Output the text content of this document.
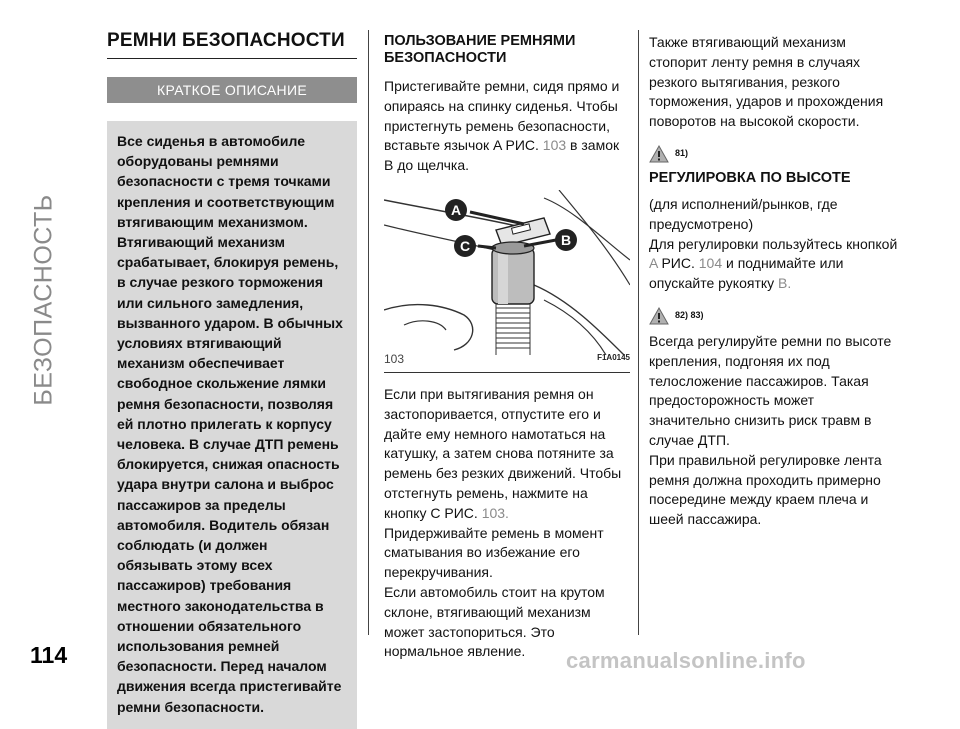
БЕЗОПАСНОСТЬ
РЕМНИ БЕЗОПАСНОСТИ
КРАТКОЕ ОПИСАНИЕ
Все сиденья в автомобиле оборудованы ремнями безопасности с тремя точками крепления и соответствующим втягивающим механизмом. Втягивающий механизм срабатывает, блокируя ремень, в случае резкого торможения или сильного замедления, вызванного ударом. В обычных условиях втягивающий механизм обеспечивает свободное скольжение лямки ремня безопасности, позволяя ей плотно прилегать к корпусу человека. В случае ДТП ремень блокируется, снижая опасность удара внутри салона и выброс пассажиров за пределы автомобиля. Водитель обязан соблюдать (и должен обязывать этому всех пассажиров) требования местного законодательства в отношении обязательного использования ремней безопасности. Перед началом движения всегда пристегивайте ремни безопасности.
ПОЛЬЗОВАНИЕ РЕМНЯМИ БЕЗОПАСНОСТИ

Пристегивайте ремни, сидя прямо и опираясь на спинку сиденья. Чтобы пристегнуть ремень безопасности, вставьте язычок A РИС. 103 в замок B до щелчка.

A
B
C
103	F1A0145

Если при вытягивания ремня он застопоривается, отпустите его и дайте ему немного намотаться на катушку, а затем снова потяните за ремень без резких движений. Чтобы отстегнуть ремень, нажмите на кнопку C РИС. 103.

Придерживайте ремень в момент сматывания во избежание его перекручивания.

Если автомобиль стоит на крутом склоне, втягивающий механизм может застопориться. Это нормальное явление.

Также втягивающий механизм стопорит ленту ремня в случаях резкого вытягивания, резкого торможения, ударов и прохождения поворотов на высокой скорости.

81)
РЕГУЛИРОВКА ПО ВЫСОТЕ

(для исполнений/рынков, где предусмотрено)

Для регулировки пользуйтесь кнопкой A РИС. 104 и поднимайте или опускайте рукоятку B.

82) 83)

Всегда регулируйте ремни по высоте крепления, подгоняя их под телосложение пассажиров. Такая предосторожность может значительно снизить риск травм в случае ДТП.

При правильной регулировке лента ремня должна проходить примерно посередине между краем плеча и шеей пассажира.

114	carmanualsonline.info
